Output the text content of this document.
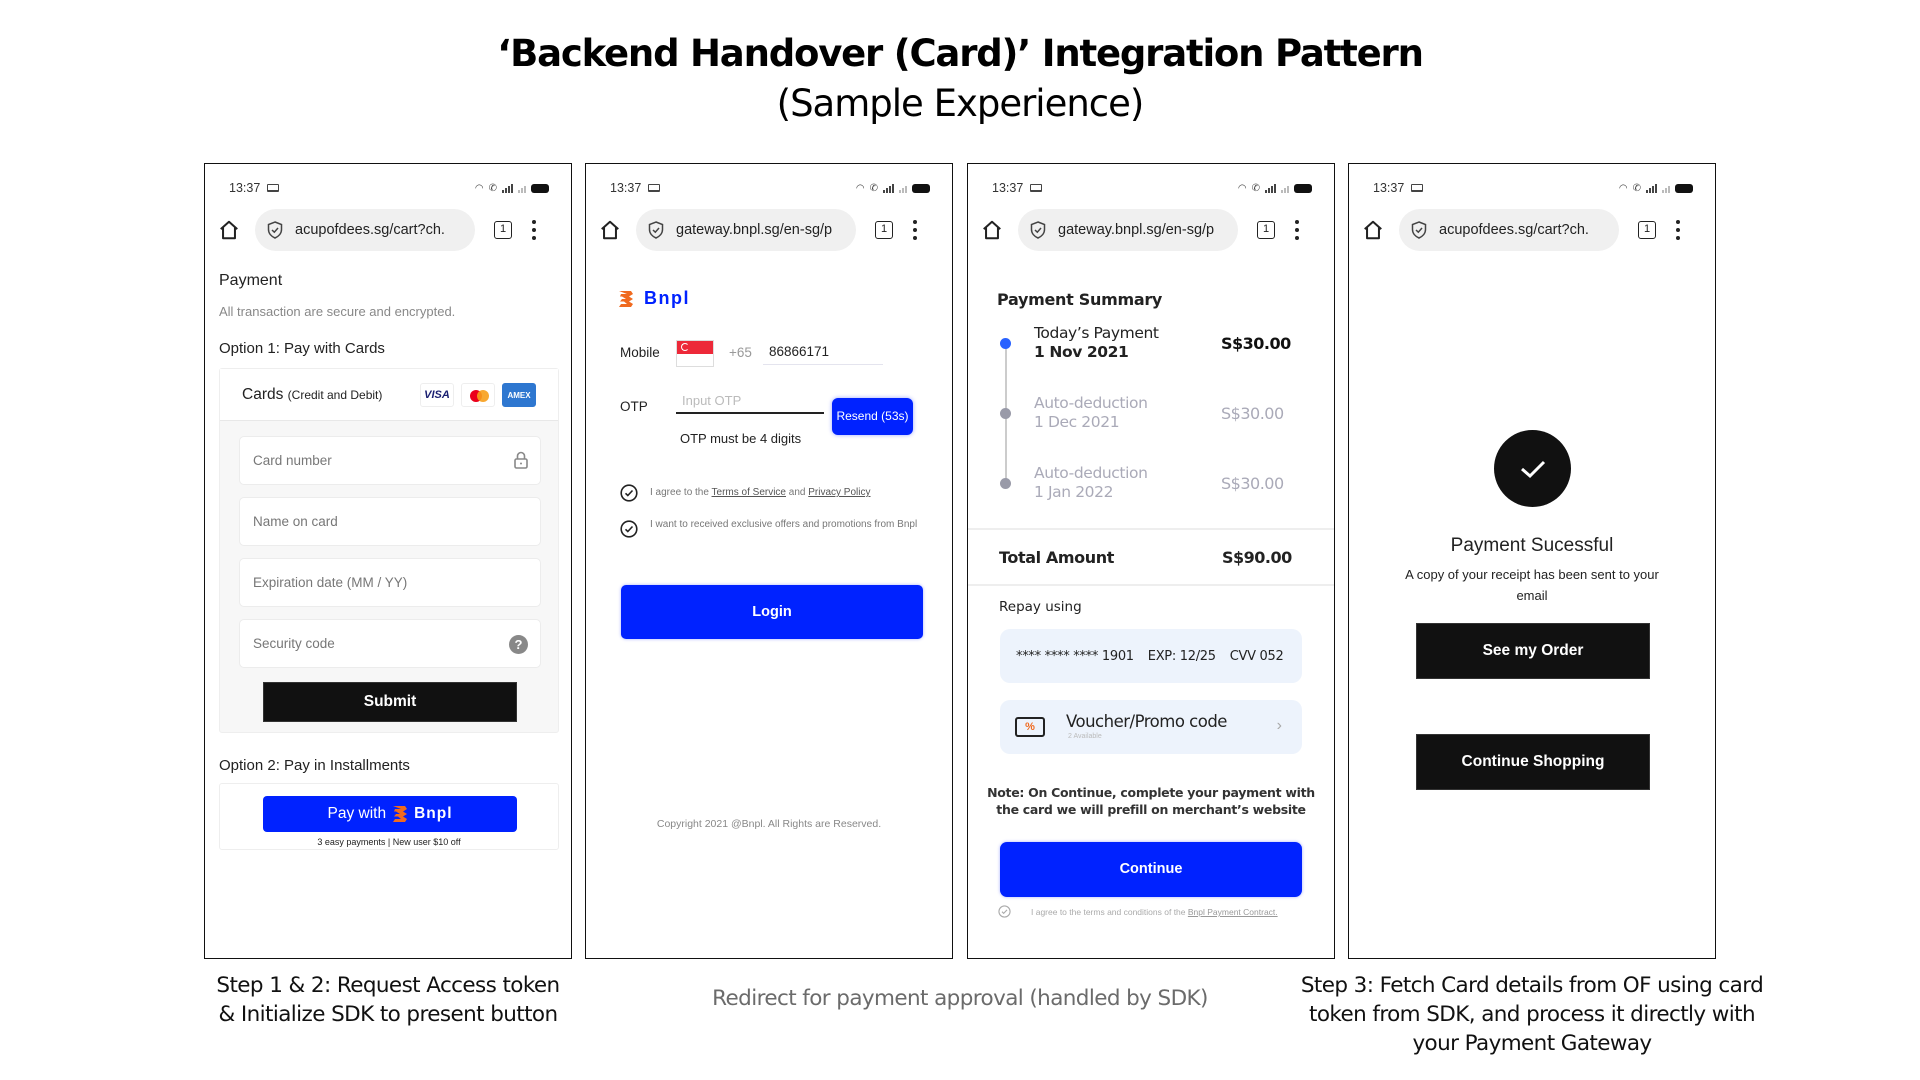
‘Backend Handover (Card)’ Integration Pattern
(Sample Experience)
13:37	◠ ✆
acupofdees.sg/cart?ch.	1
Payment
All transaction are secure and encrypted.
Option 1: Pay with Cards
Cards (Credit and Debit)	VISA	AMEX
Card number
Name on card
Expiration date (MM / YY)
Security code	?
Submit
Option 2: Pay in Installments
Pay with Bnpl
3 easy payments | New user $10 off
13:37	◠ ✆
gateway.bnpl.sg/en-sg/p	1
Bnpl
Mobile	+65	86866171
OTP	Input OTP
Resend (53s)
OTP must be 4 digits
I agree to the Terms of Service and Privacy Policy
I want to received exclusive offers and promotions from Bnpl
Login
Copyright 2021 @Bnpl. All Rights are Reserved.
13:37	◠ ✆
gateway.bnpl.sg/en-sg/p	1
Payment Summary
Today’s Payment
1 Nov 2021	S$30.00
Auto-deduction
1 Dec 2021	S$30.00
Auto-deduction
1 Jan 2022	S$30.00
Total Amount	S$90.00
Repay using
**** **** **** 1901 EXP: 12/25 CVV 052
%	Voucher/Promo code
2 Available
›
Note: On Continue, complete your payment with the card we will prefill on merchant’s website
Continue
I agree to the terms and conditions of the Bnpl Payment Contract.
13:37	◠ ✆
acupofdees.sg/cart?ch.	1
Payment Sucessful
A copy of your receipt has been sent to your email
See my Order
Continue Shopping
Step 1 & 2: Request Access token & Initialize SDK to present button
Redirect for payment approval (handled by SDK)
Step 3: Fetch Card details from OF using card token from SDK, and process it directly with your Payment Gateway
